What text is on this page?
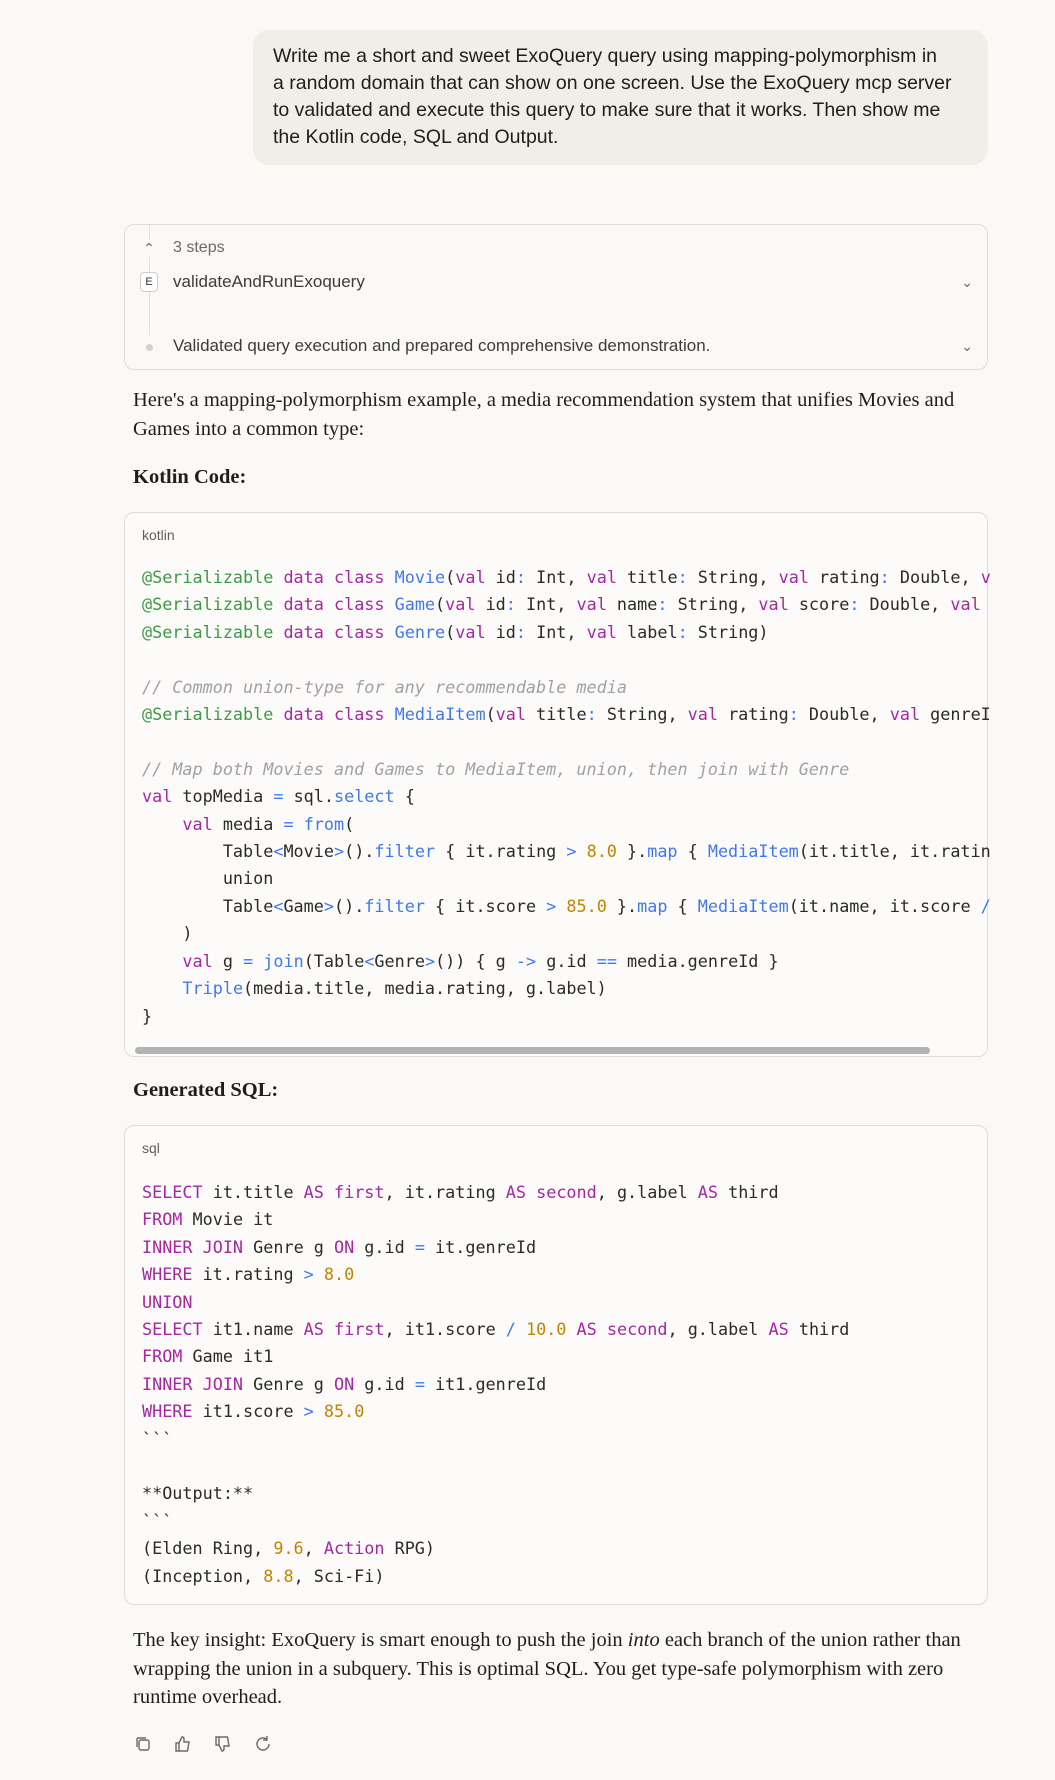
Write me a short and sweet ExoQuery query using mapping-polymorphism in
a random domain that can show on one screen. Use the ExoQuery mcp server
to validated and execute this query to make sure that it works. Then show me
the Kotlin code, SQL and Output.
⌃ 3 steps
E	validateAndRunExoquery	⌄
Validated query execution and prepared comprehensive demonstration.	⌄
Here's a mapping-polymorphism example, a media recommendation system that unifies Movies and Games into a common type:
Kotlin Code:
kotlin
@Serializable data class Movie(val id: Int, val title: String, val rating: Double, v
@Serializable data class Game(val id: Int, val name: String, val score: Double, val
@Serializable data class Genre(val id: Int, val label: String)

// Common union-type for any recommendable media
@Serializable data class MediaItem(val title: String, val rating: Double, val genreI

// Map both Movies and Games to MediaItem, union, then join with Genre
val topMedia = sql.select {
val media = from(
Table<Movie>().filter { it.rating > 8.0 }.map { MediaItem(it.title, it.ratin
union
Table<Game>().filter { it.score > 85.0 }.map { MediaItem(it.name, it.score /
)
val g = join(Table<Genre>()) { g -> g.id == media.genreId }
Triple(media.title, media.rating, g.label)
}
Generated SQL:
sql
SELECT it.title AS first, it.rating AS second, g.label AS third
FROM Movie it
INNER JOIN Genre g ON g.id = it.genreId
WHERE it.rating > 8.0
UNION
SELECT it1.name AS first, it1.score / 10.0 AS second, g.label AS third
FROM Game it1
INNER JOIN Genre g ON g.id = it1.genreId
WHERE it1.score > 85.0
```

**Output:**
```
(Elden Ring, 9.6, Action RPG)
(Inception, 8.8, Sci-Fi)
The key insight: ExoQuery is smart enough to push the join into each branch of the union rather than wrapping the union in a subquery. This is optimal SQL. You get type-safe polymorphism with zero runtime overhead.
